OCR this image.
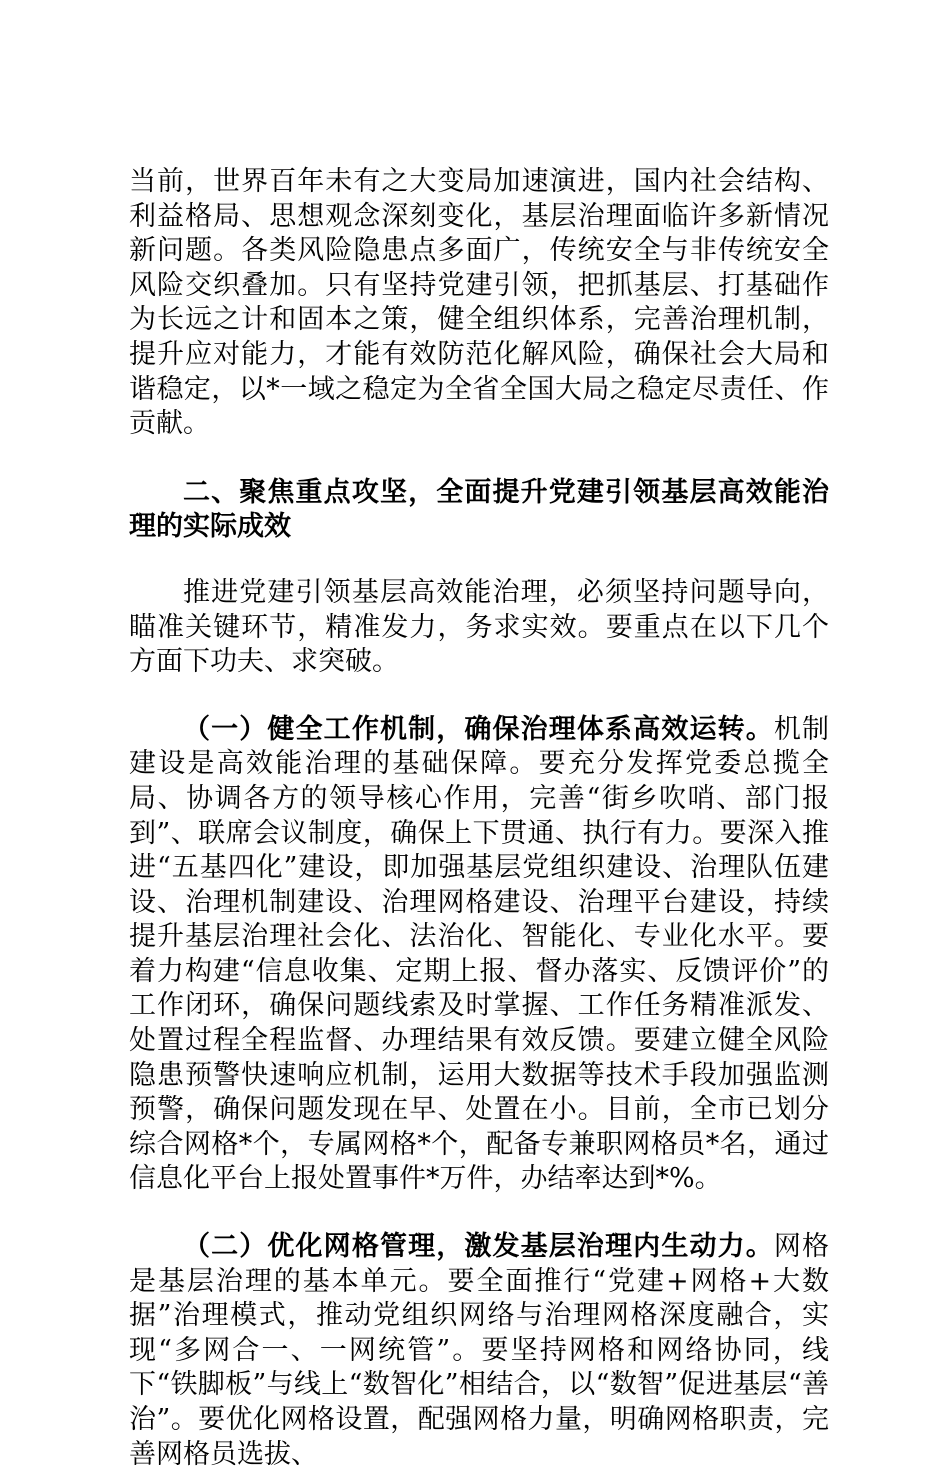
当前，世界百年未有之大变局加速演进，国内社会结构、利益格局、思想观念深刻变化，基层治理面临许多新情况新问题。各类风险隐患点多面广，传统安全与非传统安全风险交织叠加。只有坚持党建引领，把抓基层、打基础作为长远之计和固本之策，健全组织体系，完善治理机制，提升应对能力，才能有效防范化解风险，确保社会大局和谐稳定，以*一域之稳定为全省全国大局之稳定尽责任、作贡献。

二、聚焦重点攻坚，全面提升党建引领基层高效能治理的实际成效

推进党建引领基层高效能治理，必须坚持问题导向，瞄准关键环节，精准发力，务求实效。要重点在以下几个方面下功夫、求突破。

（一）健全工作机制，确保治理体系高效运转。机制建设是高效能治理的基础保障。要充分发挥党委总揽全局、协调各方的领导核心作用，完善“街乡吹哨、部门报到”、联席会议制度，确保上下贯通、执行有力。要深入推进“五基四化”建设，即加强基层党组织建设、治理队伍建设、治理机制建设、治理网格建设、治理平台建设，持续提升基层治理社会化、法治化、智能化、专业化水平。要着力构建“信息收集、定期上报、督办落实、反馈评价”的工作闭环，确保问题线索及时掌握、工作任务精准派发、处置过程全程监督、办理结果有效反馈。要建立健全风险隐患预警快速响应机制，运用大数据等技术手段加强监测预警，确保问题发现在早、处置在小。目前，全市已划分综合网格*个，专属网格*个，配备专兼职网格员*名，通过信息化平台上报处置事件*万件，办结率达到*%。

（二）优化网格管理，激发基层治理内生动力。网格是基层治理的基本单元。要全面推行“党建+网格+大数据”治理模式，推动党组织网络与治理网格深度融合，实现“多网合一、一网统管”。要坚持网格和网络协同，线下“铁脚板”与线上“数智化”相结合，以“数智”促进基层“善治”。要优化网格设置，配强网格力量，明确网格职责，完善网格员选拔、
